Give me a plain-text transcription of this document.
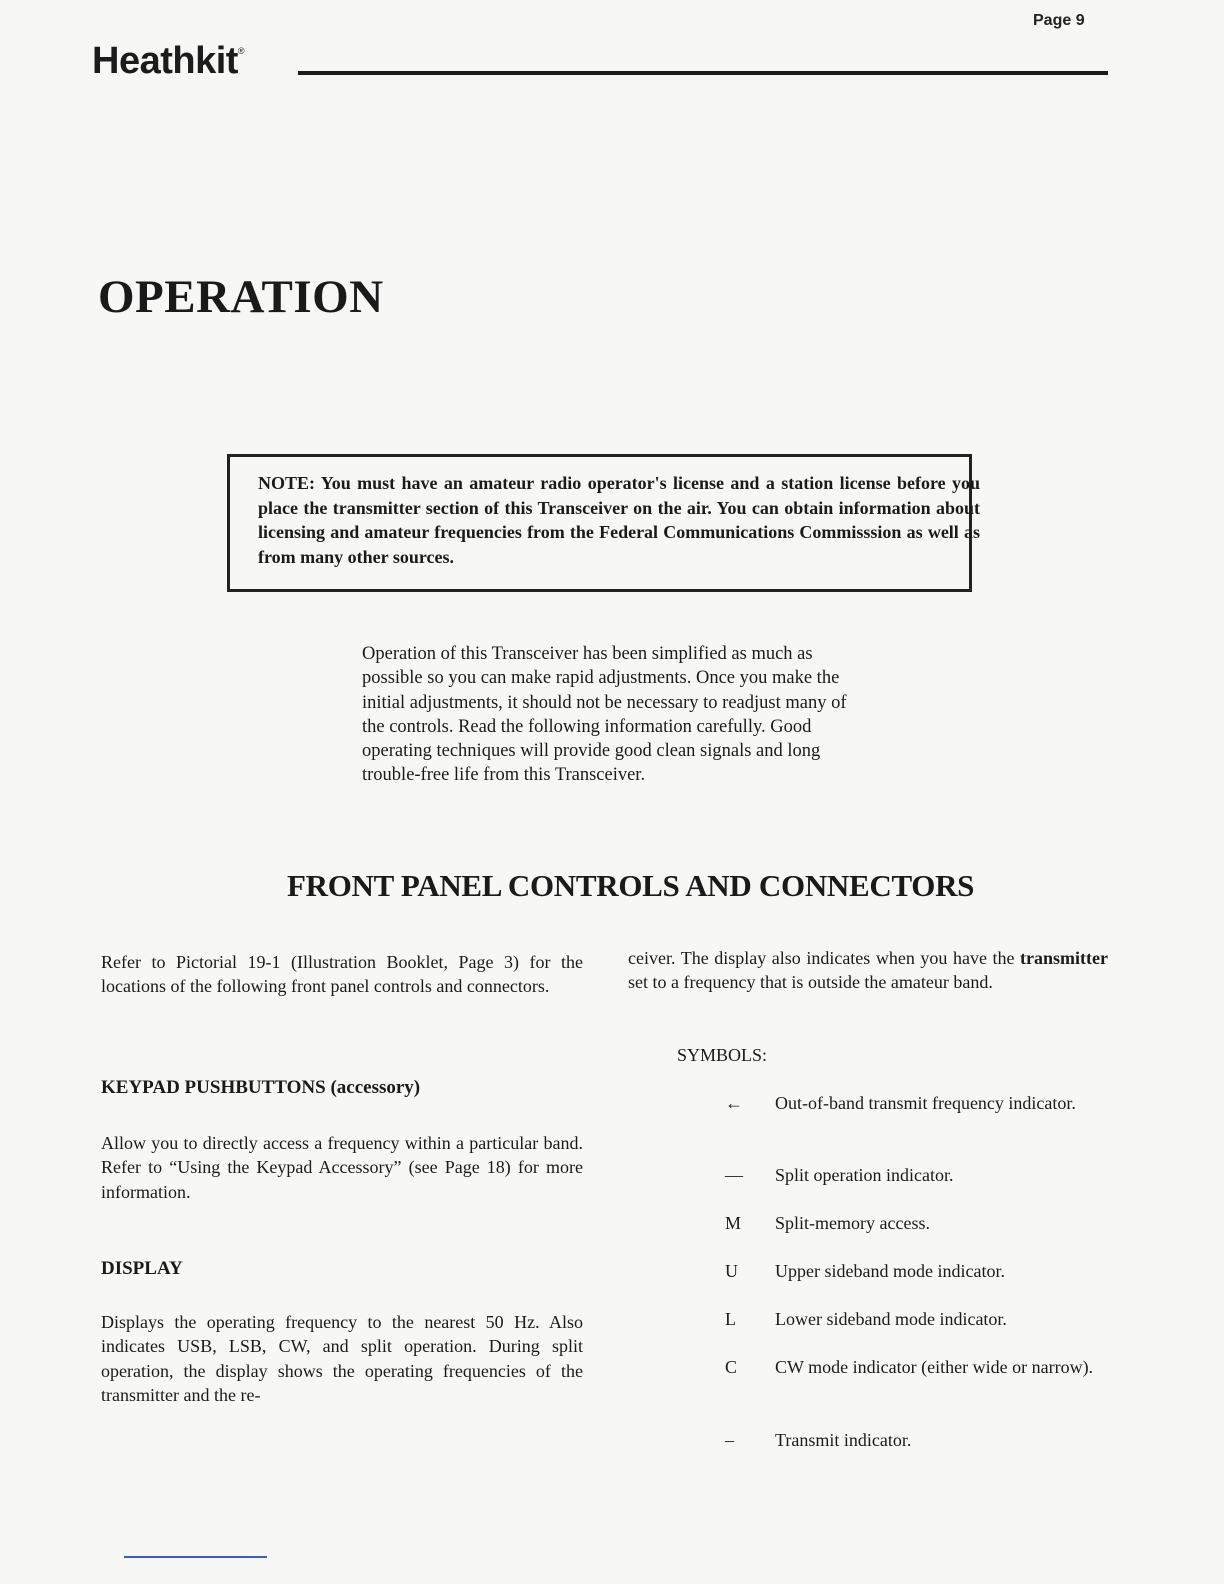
Page 9
Heathkit®
OPERATION

NOTE: You must have an amateur radio operator's license and a station license before you place the transmitter section of this Transceiver on the air. You can obtain information about licensing and amateur frequencies from the Federal Communications Commisssion as well as from many other sources.

Operation of this Transceiver has been simplified as much as possible so you can make rapid adjustments. Once you make the initial adjustments, it should not be necessary to readjust many of the controls. Read the following information carefully. Good operating techniques will provide good clean signals and long trouble-free life from this Transceiver.

FRONT PANEL CONTROLS AND CONNECTORS

Refer to Pictorial 19-1 (Illustration Booklet, Page 3) for the locations of the following front panel controls and connectors.

KEYPAD PUSHBUTTONS (accessory)

Allow you to directly access a frequency within a particular band. Refer to “Using the Keypad Accessory” (see Page 18) for more information.

DISPLAY

Displays the operating frequency to the nearest 50 Hz. Also indicates USB, LSB, CW, and split operation. During split operation, the display shows the operating frequencies of the transmitter and the re-

ceiver. The display also indicates when you have the transmitter set to a frequency that is outside the amateur band.

SYMBOLS:
←	Out-of-band transmit frequency indicator.
—	Split operation indicator.
M	Split-memory access.
U	Upper sideband mode indicator.
L	Lower sideband mode indicator.
C	CW mode indicator (either wide or narrow).
–	Transmit indicator.
